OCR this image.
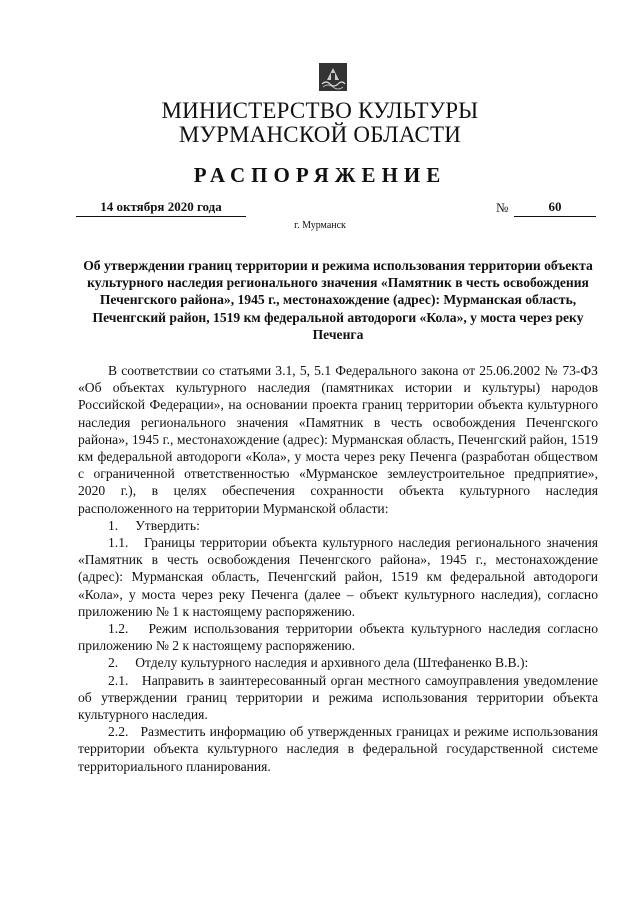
МИНИСТЕРСТВО КУЛЬТУРЫ
МУРМАНСКОЙ ОБЛАСТИ
РАСПОРЯЖЕНИЕ
14 октября 2020 года	№	60
г. Мурманск

Об утверждении границ территории и режима использования территории объекта культурного наследия регионального значения «Памятник в честь освобождения Печенгского района», 1945 г., местонахождение (адрес): Мурманская область, Печенгский район, 1519 км федеральной автодороги «Кола», у моста через реку Печенга

В соответствии со статьями 3.1, 5, 5.1 Федерального закона от 25.06.2002 № 73-ФЗ «Об объектах культурного наследия (памятниках истории и культуры) народов Российской Федерации», на основании проекта границ территории объекта культурного наследия регионального значения «Памятник в честь освобождения Печенгского района», 1945 г., местонахождение (адрес): Мурманская область, Печенгский район, 1519 км федеральной автодороги «Кола», у моста через реку Печенга (разработан обществом с ограниченной ответственностью «Мурманское землеустроительное предприятие», 2020 г.), в целях обеспечения сохранности объекта культурного наследия расположенного на территории Мурманской области:

1.     Утвердить:

1.1.   Границы территории объекта культурного наследия регионального значения «Памятник в честь освобождения Печенгского района», 1945 г., местонахождение (адрес): Мурманская область, Печенгский район, 1519 км федеральной автодороги «Кола», у моста через реку Печенга (далее – объект культурного наследия), согласно приложению № 1 к настоящему распоряжению.

1.2.   Режим использования территории объекта культурного наследия согласно приложению № 2 к настоящему распоряжению.

2.     Отделу культурного наследия и архивного дела (Штефаненко В.В.):

2.1.   Направить в заинтересованный орган местного самоуправления уведомление об утверждении границ территории и режима использования территории объекта культурного наследия.

2.2.   Разместить информацию об утвержденных границах и режиме использования территории объекта культурного наследия в федеральной государственной системе территориального планирования.
